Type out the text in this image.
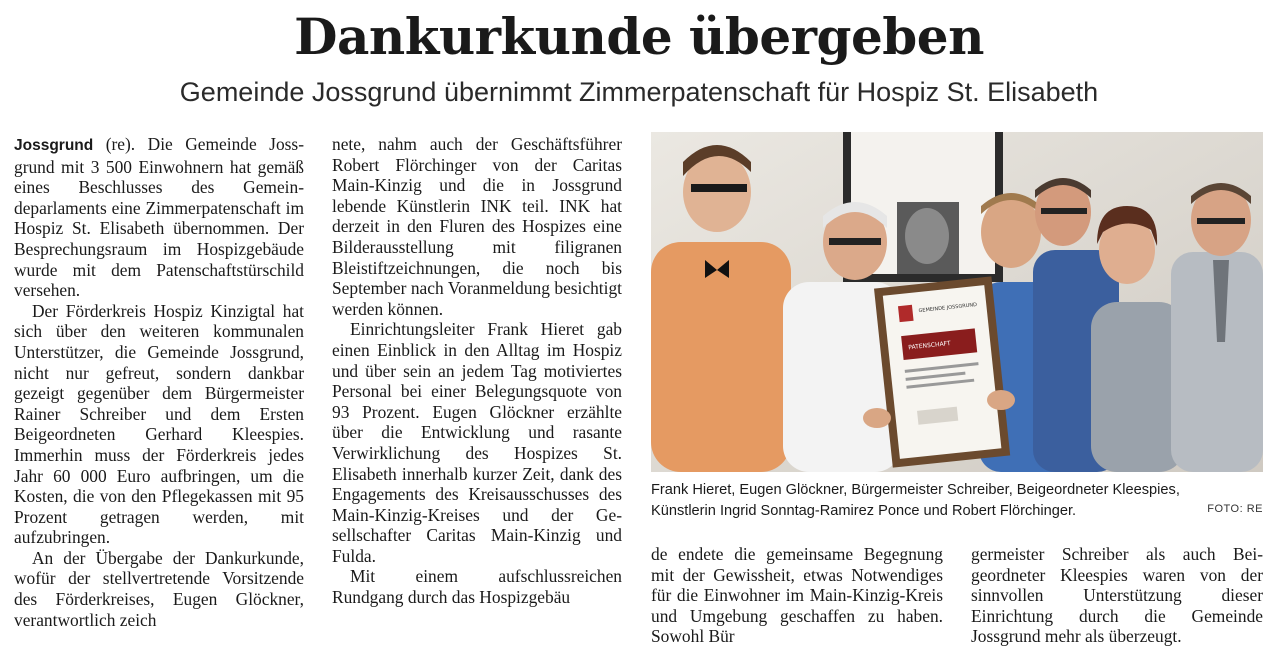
Dankurkunde übergeben
Gemeinde Jossgrund übernimmt Zimmerpatenschaft für Hospiz St. Elisabeth

Jossgrund (re). Die Gemeinde Jossgrund mit 3 500 Einwohnern hat gemäß eines Beschlusses des Gemeindeparlaments eine Zimmerpatenschaft im Hospiz St. Elisabeth übernommen. Der Besprechungsraum im Hospizgebäude wurde mit dem Patenschaftstürschild versehen.

Der Förderkreis Hospiz Kinzigtal hat sich über den weiteren kommunalen Unterstützer, die Gemeinde Jossgrund, nicht nur gefreut, sondern dankbar gezeigt gegenüber dem Bürgermeister Rainer Schreiber und dem Ersten Beigeordneten Gerhard Kleespies. Immerhin muss der Förderkreis jedes Jahr 60 000 Euro aufbringen, um die Kosten, die von den Pflegekassen mit 95 Prozent getragen werden, mit aufzubringen.

An der Übergabe der Dankurkunde, wofür der stellvertretende Vorsitzende des Förderkreises, Eugen Glöckner, verantwortlich zeich

nete, nahm auch der Geschäftsführer Robert Flörchinger von der Caritas Main-Kinzig und die in Jossgrund lebende Künstlerin INK teil. INK hat derzeit in den Fluren des Hospizes eine Bilderausstellung mit filigranen Bleistiftzeichnungen, die noch bis September nach Voranmeldung besichtigt werden können.

Einrichtungsleiter Frank Hieret gab einen Einblick in den Alltag im Hospiz und über sein an jedem Tag motiviertes Personal bei einer Belegungsquote von 93 Prozent. Eugen Glöckner erzählte über die Entwicklung und rasante Verwirklichung des Hospizes St. Elisabeth innerhalb kurzer Zeit, dank des Engagements des Kreisausschusses des Main-Kinzig-Kreises und der Gesellschafter Caritas Main-Kinzig und Fulda.

Mit einem aufschlussreichen Rundgang durch das Hospizgebäu

GEMEINDE JOSSGRUND
PATENSCHAFT
Frank Hieret, Eugen Glöckner, Bürgermeister Schreiber, Beigeordneter Kleespies,
Künstlerin Ingrid Sonntag-Ramirez Ponce und Robert Flörchinger.	FOTO: RE

de endete die gemeinsame Begegnung mit der Gewissheit, etwas Notwendiges für die Einwohner im Main-Kinzig-Kreis und Umgebung geschaffen zu haben. Sowohl Bür

germeister Schreiber als auch Beigeordneter Kleespies waren von der sinnvollen Unterstützung dieser Einrichtung durch die Gemeinde Jossgrund mehr als überzeugt.
